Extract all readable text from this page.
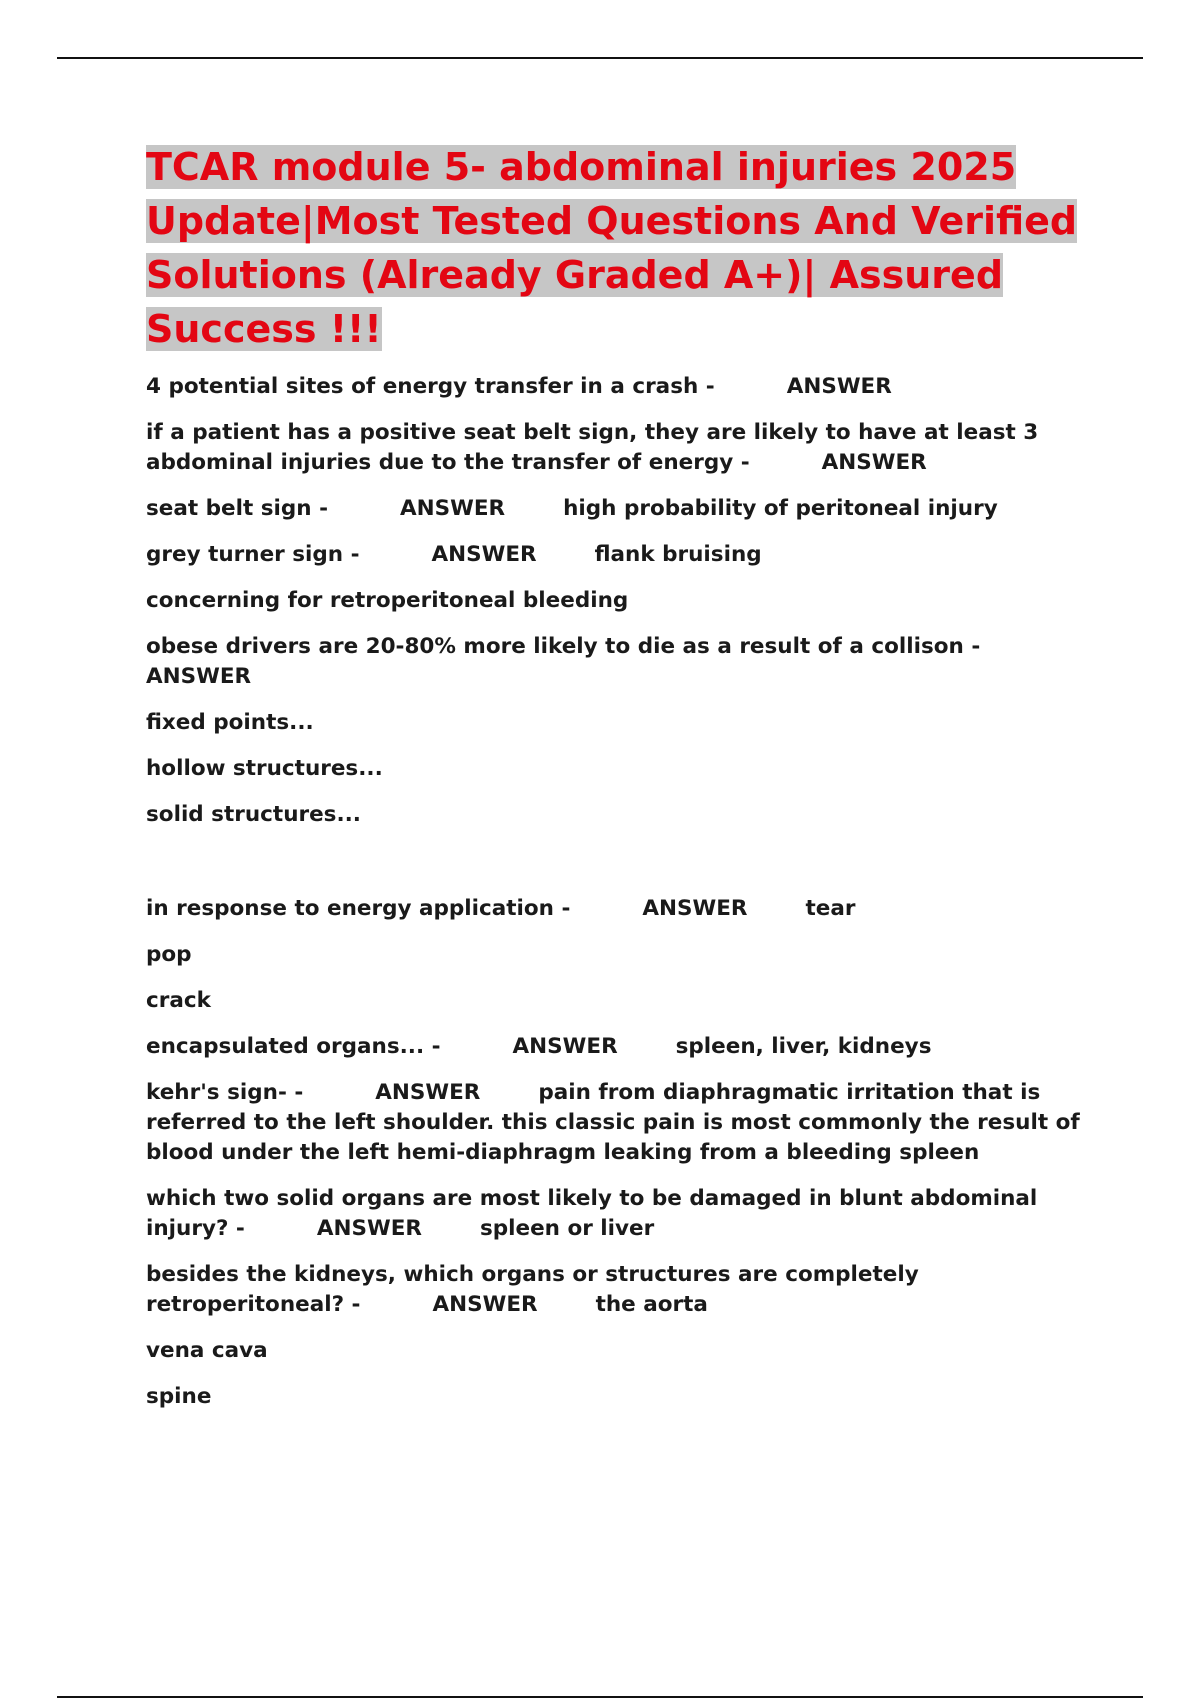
TCAR module 5- abdominal injuries 2025 Update|Most Tested Questions And Verified Solutions (Already Graded A+)| Assured Success !!!

4 potential sites of energy transfer in a crash -	ANSWER

if a patient has a positive seat belt sign, they are likely to have at least 3 abdominal injuries due to the transfer of energy -	ANSWER

seat belt sign -	ANSWER	high probability of peritoneal injury

grey turner sign -	ANSWER	flank bruising

concerning for retroperitoneal bleeding

obese drivers are 20-80% more likely to die as a result of a collison - ANSWER

fixed points...

hollow structures...

solid structures...

in response to energy application -	ANSWER	tear

pop

crack

encapsulated organs... -	ANSWER	spleen, liver, kidneys

kehr's sign- -	ANSWER	pain from diaphragmatic irritation that is referred to the left shoulder. this classic pain is most commonly the result of blood under the left hemi-diaphragm leaking from a bleeding spleen

which two solid organs are most likely to be damaged in blunt abdominal injury? -	ANSWER	spleen or liver

besides the kidneys, which organs or structures are completely retroperitoneal? -	ANSWER	the aorta

vena cava

spine
